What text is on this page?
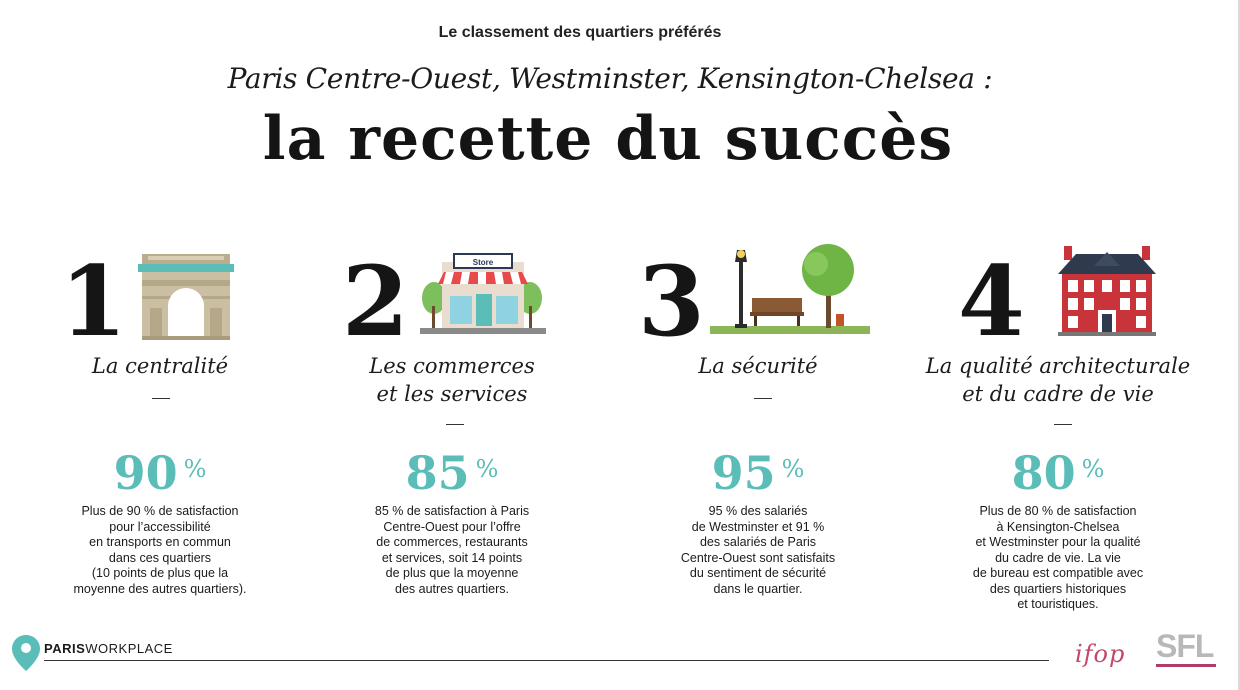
Le classement des quartiers préférés
Paris Centre-Ouest, Westminster, Kensington-Chelsea :
la recette du succès
1
La centralité
90 %
Plus de 90 % de satisfaction
pour l’accessibilité
en transports en commun
dans ces quartiers
(10 points de plus que la
moyenne des autres quartiers).
2	Store
Les commerces
et les services
85 %
85 % de satisfaction à Paris
Centre-Ouest pour l’offre
de commerces, restaurants
et services, soit 14 points
de plus que la moyenne
des autres quartiers.
3
La sécurité
95 %
95 % des salariés
de Westminster et 91 %
des salariés de Paris
Centre-Ouest sont satisfaits
du sentiment de sécurité
dans le quartier.
4
La qualité architecturale
et du cadre de vie
80 %
Plus de 80 % de satisfaction
à Kensington-Chelsea
et Westminster pour la qualité
du cadre de vie. La vie
de bureau est compatible avec
des quartiers historiques
et touristiques.
PARISWORKPLACE	ifop SFL
